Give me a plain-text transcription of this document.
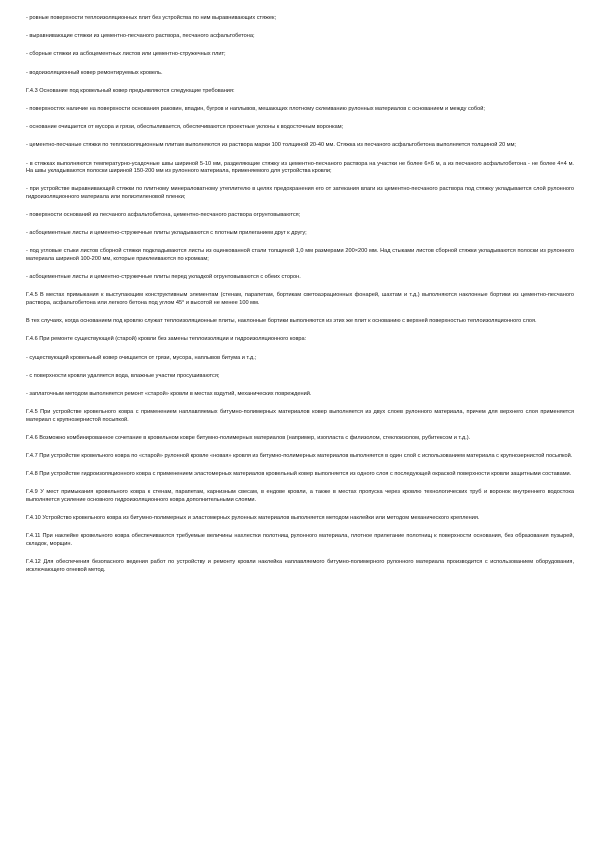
- ровные поверхности теплоизоляционных плит без устройства по ним выравнивающих стяжек;

- выравнивающие стяжки из цементно-песчаного раствора, песчаного асфальтобетона;

- сборные стяжки из асбоцементных листов или цементно-стружечных плит;

- водоизоляционный ковер ремонтируемых кровель.

Г.4.3 Основание под кровельный ковер предъявляются следующие требования:

- поверхностях наличие на поверхности основания раковин, впадин, бугров и наплывов, мешающих плотному склеиванию рулонных материалов с основанием и между собой;

- основание очищается от мусора и грязи, обеспыливается, обеспечиваются проектные уклоны к водосточным воронкам;

- цементно-песчаные стяжки по теплоизоляционным плитам выполняются из раствора марки 100 толщиной 20-40 мм. Стяжка из песчаного асфальтобетона выполняется толщиной 20 мм;

- в стяжках выполняются температурно-усадочные швы шириной 5-10 мм, разделяющие стяжку из цементно-песчаного раствора на участки не более 6×6 м, а из песчаного асфальтобетона - не более 4×4 м. На швы укладываются полоски шириной 150-200 мм из рулонного материала, применяемого для устройства кровли;

- при устройстве выравнивающей стяжки по плитному минераловатному утеплителю в целях предохранения его от затекания влаги из цементно-песчаного раствора под стяжку укладывается слой рулонного гидроизоляционного материала или полиэтиленовой пленки;

- поверхности оснований из песчаного асфальтобетона, цементно-песчаного раствора огрунтовываются;

- асбоцементные листы и цементно-стружечные плиты укладываются с плотным прилеганием друг к другу;

- под угловые стыки листов сборной стяжки подкладываются листы из оцинкованной стали толщиной 1,0 мм размерами 200×200 мм. Над стыками листов сборной стяжки укладываются полоски из рулонного материала шириной 100-200 мм, которые приклеиваются по кромкам;

- асбоцементные листы и цементно-стружечные плиты перед укладкой огрунтовываются с обеих сторон.

Г.4.5 В местах примыкания к выступающим конструктивным элементам (стенам, парапетам, бортикам светоаэрационных фонарей, шахтам и т.д.) выполняются наклонные бортики из цементно-песчаного раствора, асфальтобетона или легкого бетона под углом 45° и высотой не менее 100 мм.

В тех случаях, когда основанием под кровлю служат теплоизоляционные плиты, наклонные бортики выполняются из этих же плит к основанию с верхней поверхностью теплоизоляционного слоя.

Г.4.6 При ремонте существующей (старой) кровли без замены теплоизоляции и гидроизоляционного ковра:

- существующий кровельный ковер очищается от грязи, мусора, наплывов битума и т.д.;

- с поверхности кровли удаляется вода, влажные участки просушиваются;

- заплаточным методом выполняется ремонт «старой» кровли в местах вздутий, механических повреждений.

Г.4.5 При устройстве кровельного ковра с применением наплавляемых битумно-полимерных материалов ковер выполняется из двух слоев рулонного материала, причем для верхнего слоя применяется материал с крупнозернистой посыпкой.

Г.4.6 Возможно комбинированное сочетание в кровельном ковре битумно-полимерных материалов (например, изопласта с филизолом, стеклоизолом, рубитексом и т.д.).

Г.4.7 При устройстве кровельного ковра по «старой» рулонной кровле «новая» кровля из битумно-полимерных материалов выполняется в один слой с использованием материала с крупнозернистой посыпкой.

Г.4.8 При устройстве гидроизоляционного ковра с применением эластомерных материалов кровельный ковер выполняется из одного слоя с последующей окраской поверхности кровли защитными составами.

Г.4.9 У мест примыкания кровельного ковра к стенам, парапетам, карнизным свесам, в ендове кровли, а также в местах пропуска через кровлю технологических труб и воронок внутреннего водостока выполняется усиление основного гидроизоляционного ковра дополнительными слоями.

Г.4.10 Устройство кровельного ковра из битумно-полимерных и эластомерных рулонных материалов выполняется методом наклейки или методом механического крепления.

Г.4.11 При наклейке кровельного ковра обеспечиваются требуемые величины нахлестки полотнищ рулонного материала, плотное прилегание полотнищ к поверхности основания, без образования пузырей, складок, морщин.

Г.4.12 Для обеспечения безопасного ведения работ по устройству и ремонту кровли наклейка наплавляемого битумно-полимерного рулонного материала производится с использованием оборудования, исключающего огневой метод.
